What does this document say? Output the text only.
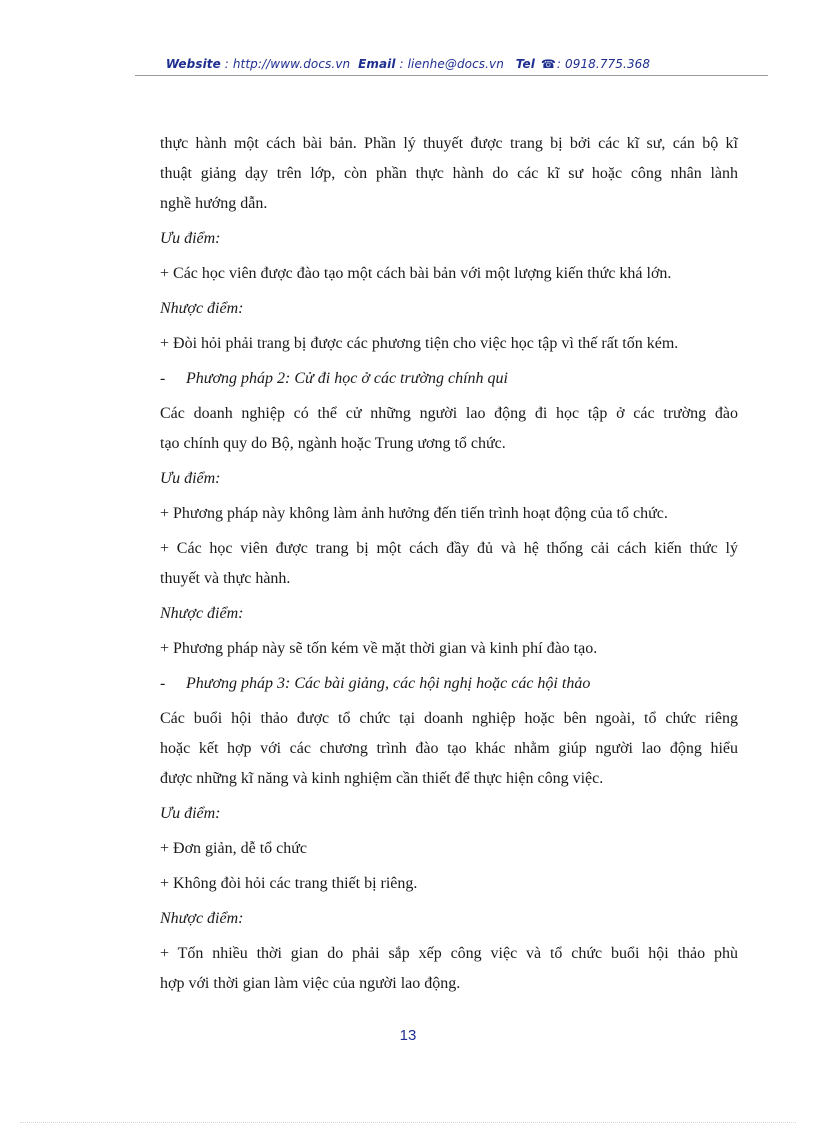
Website : http://www.docs.vn Email : lienhe@docs.vn Tel ☎: 0918.775.368
thực hành một cách bài bản. Phần lý thuyết được trang bị bởi các kĩ sư, cán bộ kĩ
thuật giảng dạy trên lớp, còn phần thực hành do các kĩ sư hoặc công nhân lành
nghề hướng dẫn.
Ưu điểm:
+ Các học viên được đào tạo một cách bài bản với một lượng kiến thức khá lớn.
Nhược điểm:
+ Đòi hỏi phải trang bị được các phương tiện cho việc học tập vì thế rất tốn kém.
- Phương pháp 2: Cử đi học ở các trường chính qui
Các doanh nghiệp có thể cử những người lao động đi học tập ở các trường đào
tạo chính quy do Bộ, ngành hoặc Trung ương tổ chức.
Ưu điểm:
+ Phương pháp này không làm ảnh hưởng đến tiến trình hoạt động của tổ chức.
+ Các học viên được trang bị một cách đầy đủ và hệ thống cải cách kiến thức lý
thuyết và thực hành.
Nhược điểm:
+ Phương pháp này sẽ tốn kém về mặt thời gian và kinh phí đào tạo.
- Phương pháp 3: Các bài giảng, các hội nghị hoặc các hội thảo
Các buổi hội thảo được tổ chức tại doanh nghiệp hoặc bên ngoài, tổ chức riêng
hoặc kết hợp với các chương trình đào tạo khác nhằm giúp người lao động hiểu
được những kĩ năng và kinh nghiệm cần thiết để thực hiện công việc.
Ưu điểm:
+ Đơn giản, dễ tổ chức
+ Không đòi hỏi các trang thiết bị riêng.
Nhược điểm:
+ Tốn nhiều thời gian do phải sắp xếp công việc và tổ chức buổi hội thảo phù
hợp với thời gian làm việc của người lao động.
13
